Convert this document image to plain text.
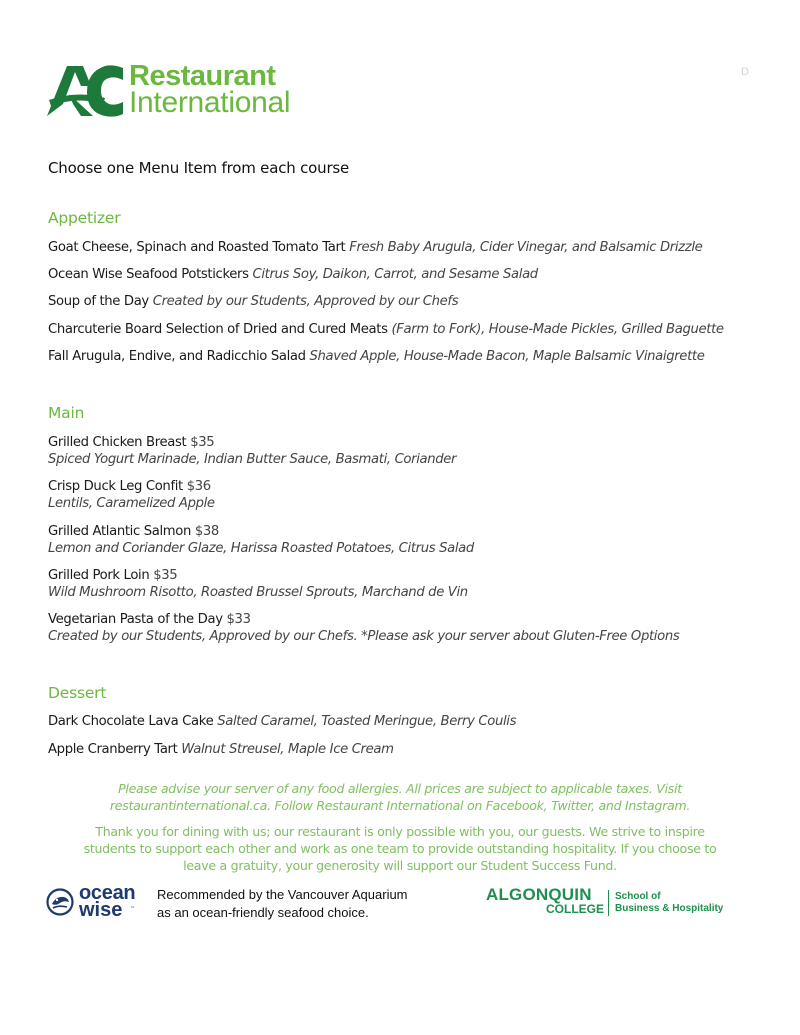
Restaurant
International
D
Choose one Menu Item from each course
Appetizer
Goat Cheese, Spinach and Roasted Tomato Tart Fresh Baby Arugula, Cider Vinegar, and Balsamic Drizzle
Ocean Wise Seafood Potstickers Citrus Soy, Daikon, Carrot, and Sesame Salad
Soup of the Day Created by our Students, Approved by our Chefs
Charcuterie Board Selection of Dried and Cured Meats (Farm to Fork), House-Made Pickles, Grilled Baguette
Fall Arugula, Endive, and Radicchio Salad Shaved Apple, House-Made Bacon, Maple Balsamic Vinaigrette
Main
Grilled Chicken Breast $35
Spiced Yogurt Marinade, Indian Butter Sauce, Basmati, Coriander
Crisp Duck Leg Confit $36
Lentils, Caramelized Apple
Grilled Atlantic Salmon $38
Lemon and Coriander Glaze, Harissa Roasted Potatoes, Citrus Salad
Grilled Pork Loin $35
Wild Mushroom Risotto, Roasted Brussel Sprouts, Marchand de Vin
Vegetarian Pasta of the Day $33
Created by our Students, Approved by our Chefs. *Please ask your server about Gluten-Free Options
Dessert
Dark Chocolate Lava Cake Salted Caramel, Toasted Meringue, Berry Coulis
Apple Cranberry Tart Walnut Streusel, Maple Ice Cream
Please advise your server of any food allergies. All prices are subject to applicable taxes. Visit
restaurantinternational.ca. Follow Restaurant International on Facebook, Twitter, and Instagram.
Thank you for dining with us; our restaurant is only possible with you, our guests. We strive to inspire
students to support each other and work as one team to provide outstanding hospitality. If you choose to
leave a gratuity, your generosity will support our Student Success Fund.
ocean
wise ™
Recommended by the Vancouver Aquarium
as an ocean-friendly seafood choice.
ALGONQUIN
COLLEGE
School of
Business & Hospitality
